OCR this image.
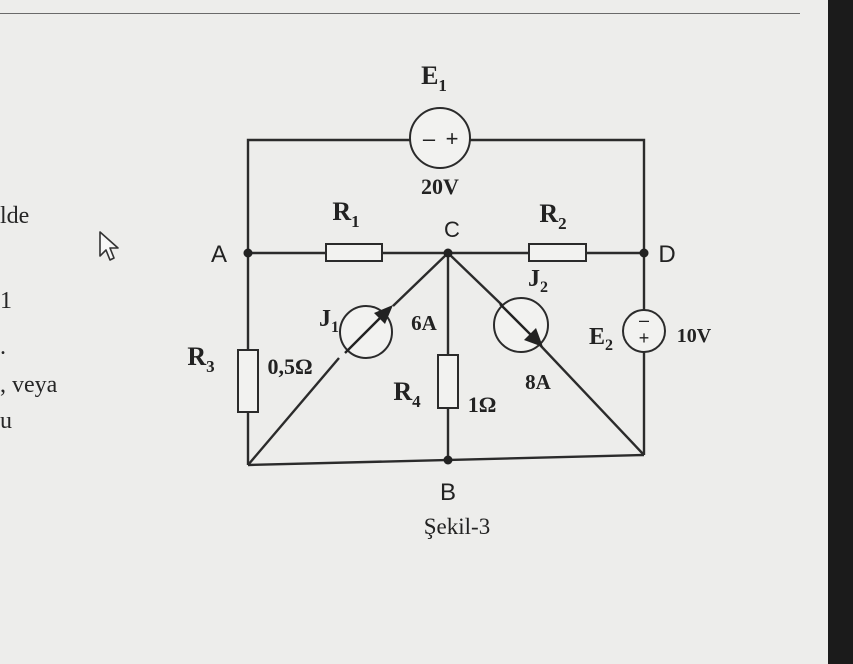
lde
1
.
, veya
u
– +
$E_1$
20V
$R_1$	$R_2$
A
C
D
B
$R_3$ 0,5Ω
$R_4$ 1Ω
$J_1$	6A
$J_2$
8A
–
+
$E_2$	10V
Şekil-3
